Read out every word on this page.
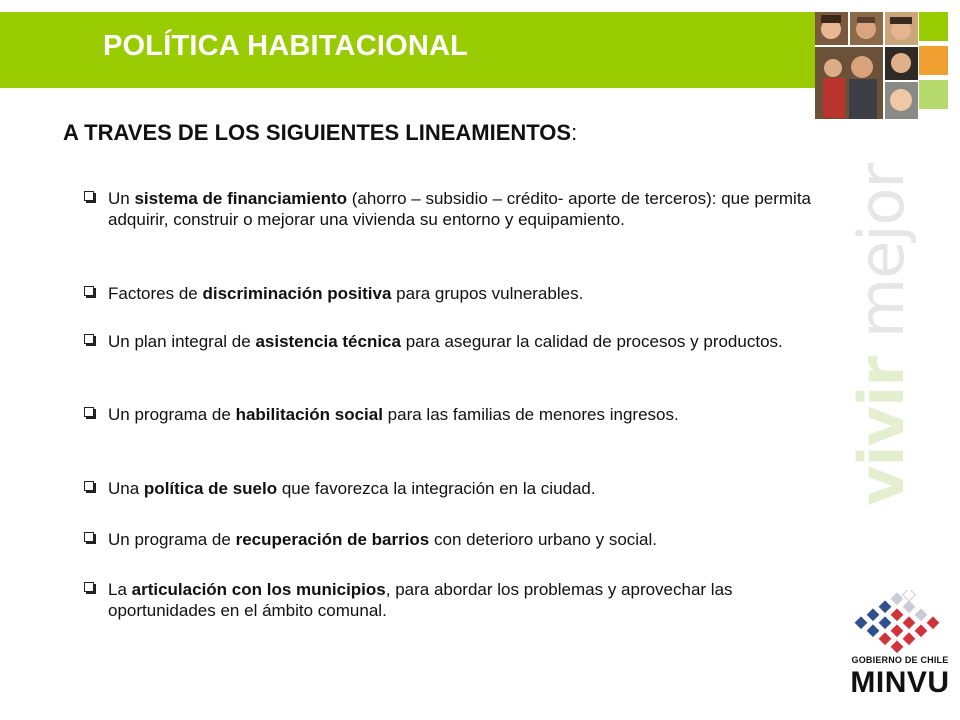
POLÍTICA HABITACIONAL
A TRAVES DE LOS SIGUIENTES LINEAMIENTOS:
Un sistema de financiamiento (ahorro – subsidio – crédito- aporte de terceros): que permita adquirir, construir o mejorar una vivienda su entorno y equipamiento.
Factores de discriminación positiva para grupos vulnerables.
Un plan integral de asistencia técnica para asegurar la calidad de procesos y productos.
Un programa de habilitación social para las familias de menores ingresos.
Una política de suelo que favorezca la integración en la ciudad.
Un programa de recuperación de barrios con deterioro urbano y social.
La articulación con los municipios, para abordar los problemas y aprovechar las oportunidades en el ámbito comunal.
vivir mejor
GOBIERNO DE CHILE
MINVU
